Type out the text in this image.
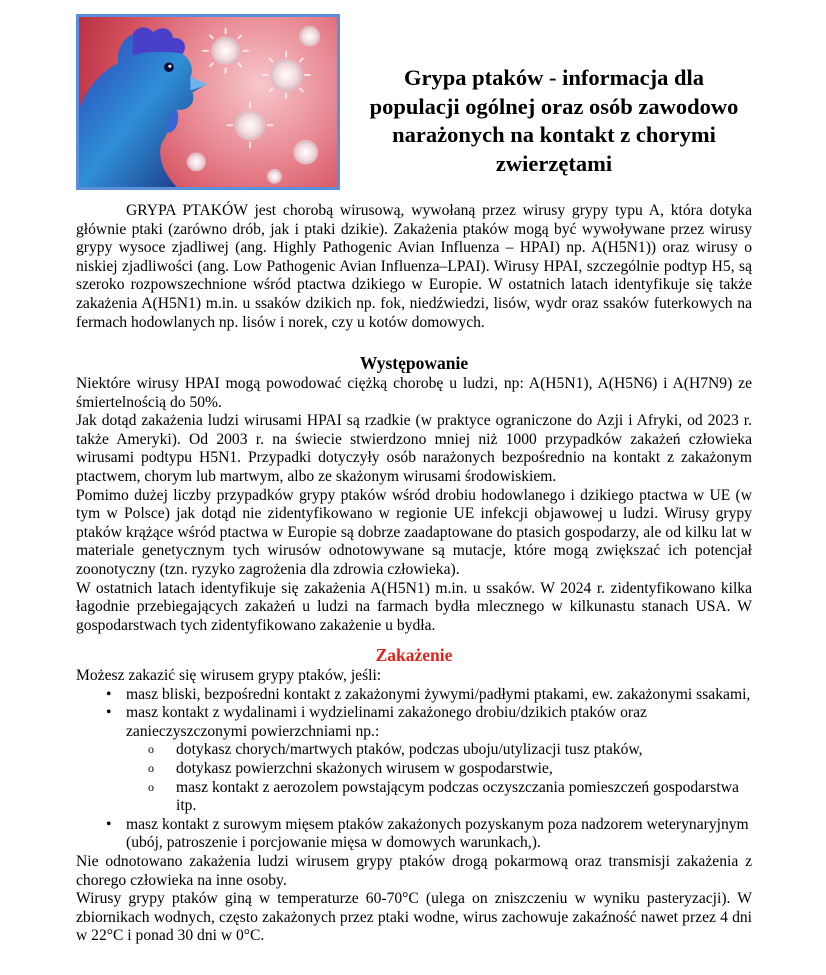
Grypa ptaków - informacja dla populacji ogólnej oraz osób zawodowo narażonych na kontakt z chorymi zwierzętami

GRYPA PTAKÓW jest chorobą wirusową, wywołaną przez wirusy grypy typu A, która dotyka głównie ptaki (zarówno drób, jak i ptaki dzikie). Zakażenia ptaków mogą być wywoływane przez wirusy grypy wysoce zjadliwej (ang. Highly Pathogenic Avian Influenza – HPAI) np. A(H5N1)) oraz wirusy o niskiej zjadliwości (ang. Low Pathogenic Avian Influenza–LPAI). Wirusy HPAI, szczególnie podtyp H5, są szeroko rozpowszechnione wśród ptactwa dzikiego w Europie. W ostatnich latach identyfikuje się także zakażenia A(H5N1) m.in. u ssaków dzikich np. fok, niedźwiedzi, lisów, wydr oraz ssaków futerkowych na fermach hodowlanych np. lisów i norek, czy u kotów domowych.

Występowanie

Niektóre wirusy HPAI mogą powodować ciężką chorobę u ludzi, np: A(H5N1), A(H5N6) i A(H7N9) ze śmiertelnością do 50%.

Jak dotąd zakażenia ludzi wirusami HPAI są rzadkie (w praktyce ograniczone do Azji i Afryki, od 2023 r. także Ameryki). Od 2003 r. na świecie stwierdzono mniej niż 1000 przypadków zakażeń człowieka wirusami podtypu H5N1. Przypadki dotyczyły osób narażonych bezpośrednio na kontakt z zakażonym ptactwem, chorym lub martwym, albo ze skażonym wirusami środowiskiem.

Pomimo dużej liczby przypadków grypy ptaków wśród drobiu hodowlanego i dzikiego ptactwa w UE (w tym w Polsce) jak dotąd nie zidentyfikowano w regionie UE infekcji objawowej u ludzi. Wirusy grypy ptaków krążące wśród ptactwa w Europie są dobrze zaadaptowane do ptasich gospodarzy, ale od kilku lat w materiale genetycznym tych wirusów odnotowywane są mutacje, które mogą zwiększać ich potencjał zoonotyczny (tzn. ryzyko zagrożenia dla zdrowia człowieka).

W ostatnich latach identyfikuje się zakażenia A(H5N1) m.in. u ssaków. W 2024 r. zidentyfikowano kilka łagodnie przebiegających zakażeń u ludzi na farmach bydła mlecznego w kilkunastu stanach USA. W gospodarstwach tych zidentyfikowano zakażenie u bydła.

Zakażenie

Możesz zakazić się wirusem grypy ptaków, jeśli:

• masz bliski, bezpośredni kontakt z zakażonymi żywymi/padłymi ptakami, ew. zakażonymi ssakami,
• masz kontakt z wydalinami i wydzielinami zakażonego drobiu/dzikich ptaków oraz zanieczyszczonymi powierzchniami np.:
o dotykasz chorych/martwych ptaków, podczas uboju/utylizacji tusz ptaków,
o dotykasz powierzchni skażonych wirusem w gospodarstwie,
o masz kontakt z aerozolem powstającym podczas oczyszczania pomieszczeń gospodarstwa itp.
• masz kontakt z surowym mięsem ptaków zakażonych pozyskanym poza nadzorem weterynaryjnym (ubój, patroszenie i porcjowanie mięsa w domowych warunkach,).

Nie odnotowano zakażenia ludzi wirusem grypy ptaków drogą pokarmową oraz transmisji zakażenia z chorego człowieka na inne osoby.

Wirusy grypy ptaków giną w temperaturze 60-70°C (ulega on zniszczeniu w wyniku pasteryzacji). W zbiornikach wodnych, często zakażonych przez ptaki wodne, wirus zachowuje zakaźność nawet przez 4 dni w 22°C i ponad 30 dni w 0°C.
